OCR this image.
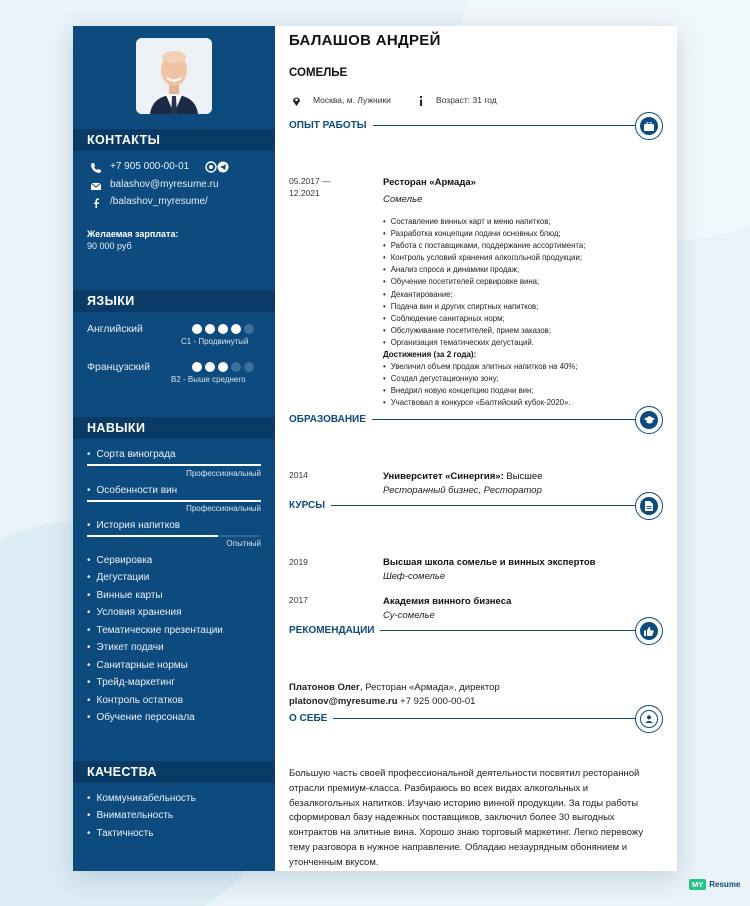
КОНТАКТЫ
+7 905 000-00-01
balashov@myresume.ru
/balashov_myresume/
Желаемая зарплата:
90 000 руб
ЯЗЫКИ
Английский
C1 - Продвинутый
Французский
B2 - Выше среднего
НАВЫКИ
• Сорта винограда
Профессиональный
• Особенности вин
Профессиональный
• История напитков
Опытный
• Сервировка
• Дегустации
• Винные карты
• Условия хранения
• Тематические презентации
• Этикет подачи
• Санитарные нормы
• Трейд-маркетинг
• Контроль остатков
• Обучение персонала
КАЧЕСТВА
• Коммуникабельность
• Внимательность
• Тактичность
БАЛАШОВ АНДРЕЙ
СОМЕЛЬЕ
Москва, м. Лужники	Возраст: 31 год
ОПЫТ РАБОТЫ
05.2017 —
12.2021
Ресторан «Армада»
Сомелье
• Составление винных карт и меню напитков;
• Разработка концепции подачи основных блюд;
• Работа с поставщиками, поддержание ассортимента;
• Контроль условий хранения алкогольной продукции;
• Анализ спроса и динамики продаж;
• Обучение посетителей сервировке вина;
• Декантирование;
• Подача вин и других спиртных напитков;
• Соблюдение санитарных норм;
• Обслуживание посетителей, прием заказов;
• Организация тематических дегустаций.
Достижения (за 2 года):
• Увеличил объем продаж элитных напитков на 40%;
• Создал дегустационную зону;
• Внедрил новую концепцию подачи вин;
• Участвовал в конкурсе «Балтийский кубок-2020».
ОБРАЗОВАНИЕ
2014	Университет «Синергия»: Высшее
Ресторанный бизнес, Ресторатор
КУРСЫ
2019	Высшая школа сомелье и винных экспертов
Шеф-сомелье
2017	Академия винного бизнеса
Су-сомелье
РЕКОМЕНДАЦИИ
Платонов Олег, Ресторан «Армада», директор
platonov@myresume.ru +7 925 000-00-01
О СЕБЕ
Большую часть своей профессиональной деятельности посвятил ресторанной отрасли премиум-класса. Разбираюсь во всех видах алкогольных и безалкогольных напитков. Изучаю историю винной продукции. За годы работы сформировал базу надежных поставщиков, заключил более 30 выгодных контрактов на элитные вина. Хорошо знаю торговый маркетинг. Легко перевожу тему разговора в нужное направление. Обладаю незаурядным обонянием и утонченным вкусом.
MY Resume
